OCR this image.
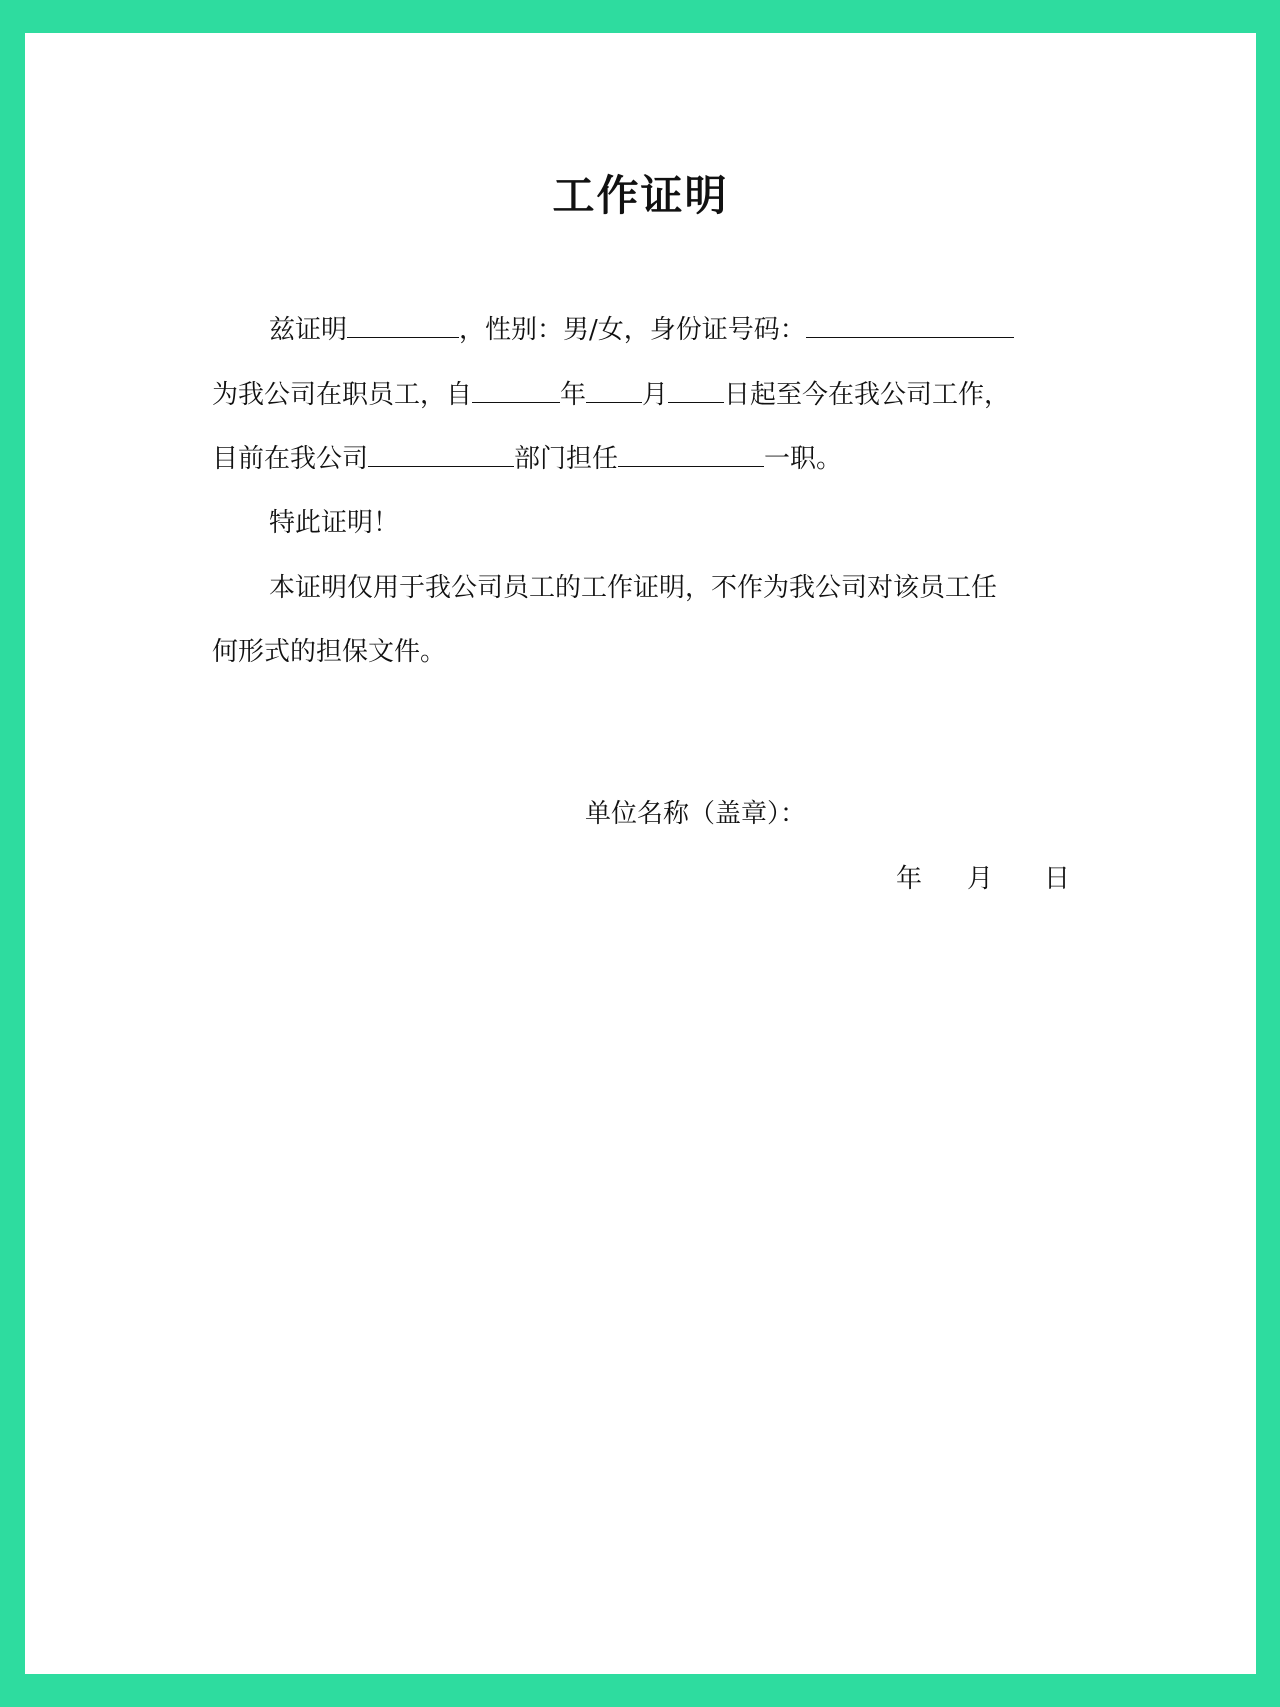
工作证明
兹证明	，性别：男/女，身份证号码：
为我公司在职员工，自	年 月 日起至今在我公司工作，
目前在我公司	部门担任	一职。
特此证明！
本证明仅用于我公司员工的工作证明，不作为我公司对该员工任
何形式的担保文件。
单位名称（盖章）：
年 月 日
